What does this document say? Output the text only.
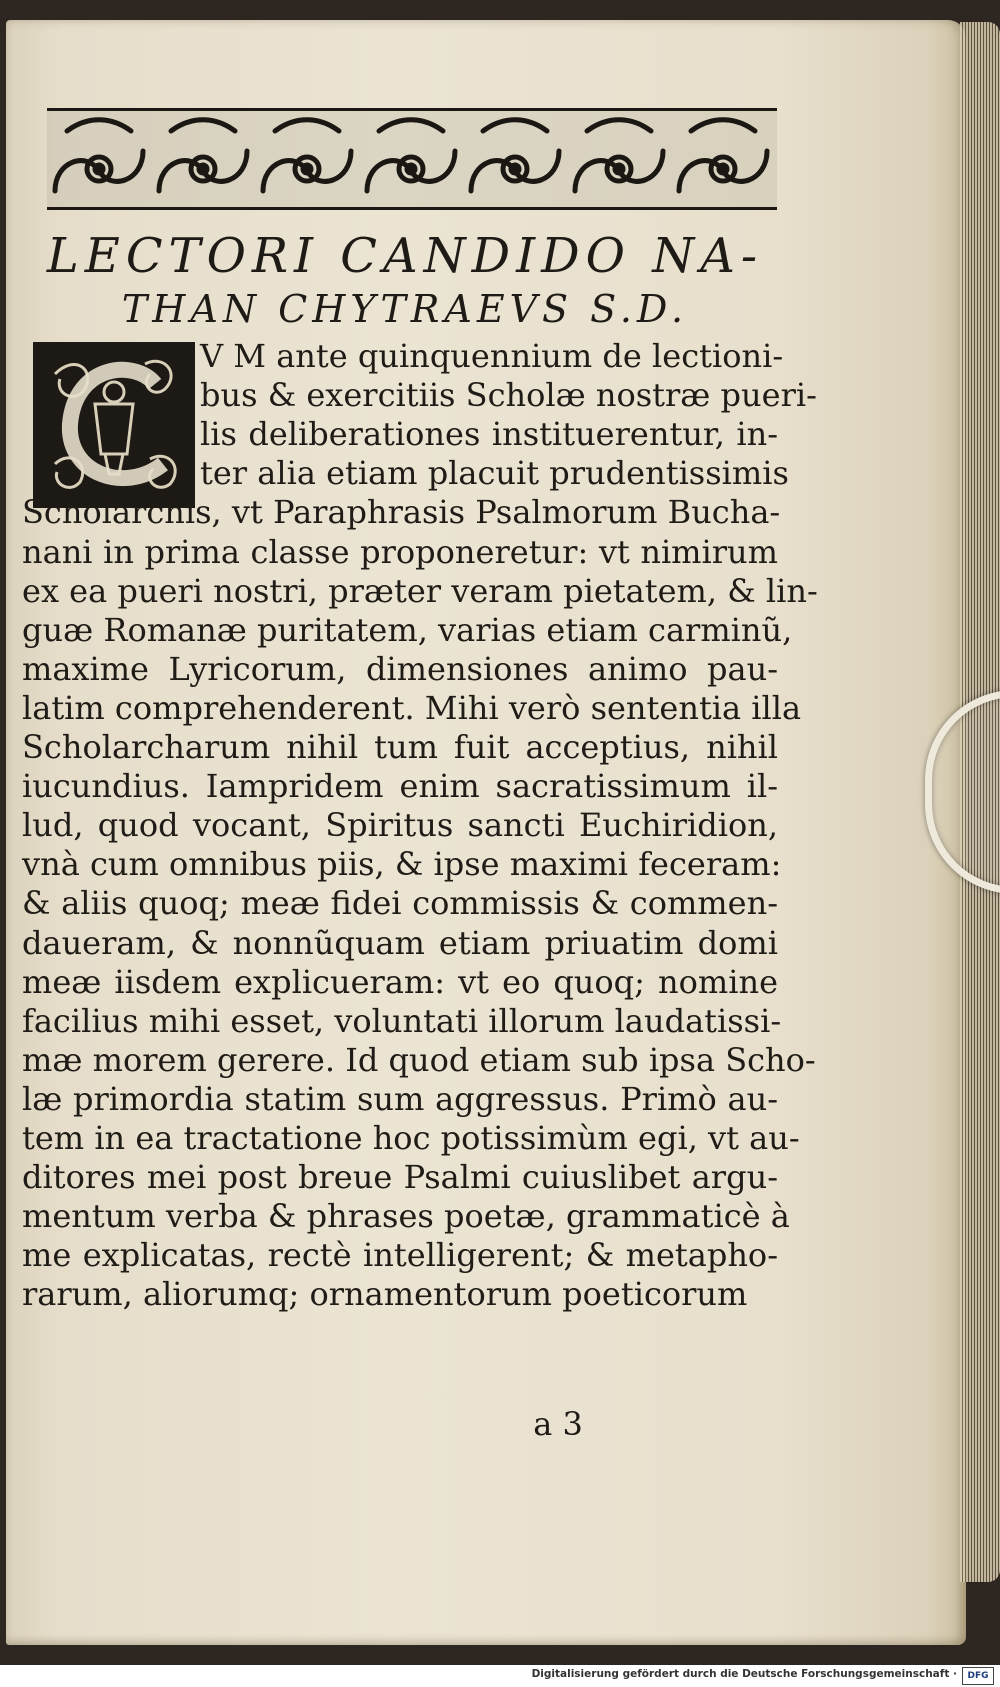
LECTORI CANDIDO NA-
THAN CHYTRAEVS S.D.
V M ante quinquennium de lectioni-
bus & exercitiis Scholæ nostræ pueri-
lis deliberationes instituerentur, in-
ter alia etiam placuit prudentissimis
Scholarchis, vt Paraphrasis Psalmorum Bucha-
nani in prima classe proponeretur: vt nimirum
ex ea pueri nostri, præter veram pietatem, & lin-
guæ Romanæ puritatem, varias etiam carminũ,
maxime Lyricorum, dimensiones animo pau-
latim comprehenderent. Mihi verò sententia illa
Scholarcharum nihil tum fuit acceptius, nihil
iucundius. Iampridem enim sacratissimum il-
lud, quod vocant, Spiritus sancti Euchiridion,
vnà cum omnibus piis, & ipse maximi feceram:
& aliis quoq; meæ fidei commissis & commen-
daueram, & nonnũquam etiam priuatim domi
meæ iisdem explicueram: vt eo quoq; nomine
facilius mihi esset, voluntati illorum laudatissi-
mæ morem gerere. Id quod etiam sub ipsa Scho-
læ primordia statim sum aggressus. Primò au-
tem in ea tractatione hoc potissimùm egi, vt au-
ditores mei post breue Psalmi cuiuslibet argu-
mentum verba & phrases poetæ, grammaticè à
me explicatas, rectè intelligerent; & metapho-
rarum, aliorumq; ornamentorum poeticorum
a 3
Digitalisierung gefördert durch die Deutsche Forschungsgemeinschaft ·	DFG
